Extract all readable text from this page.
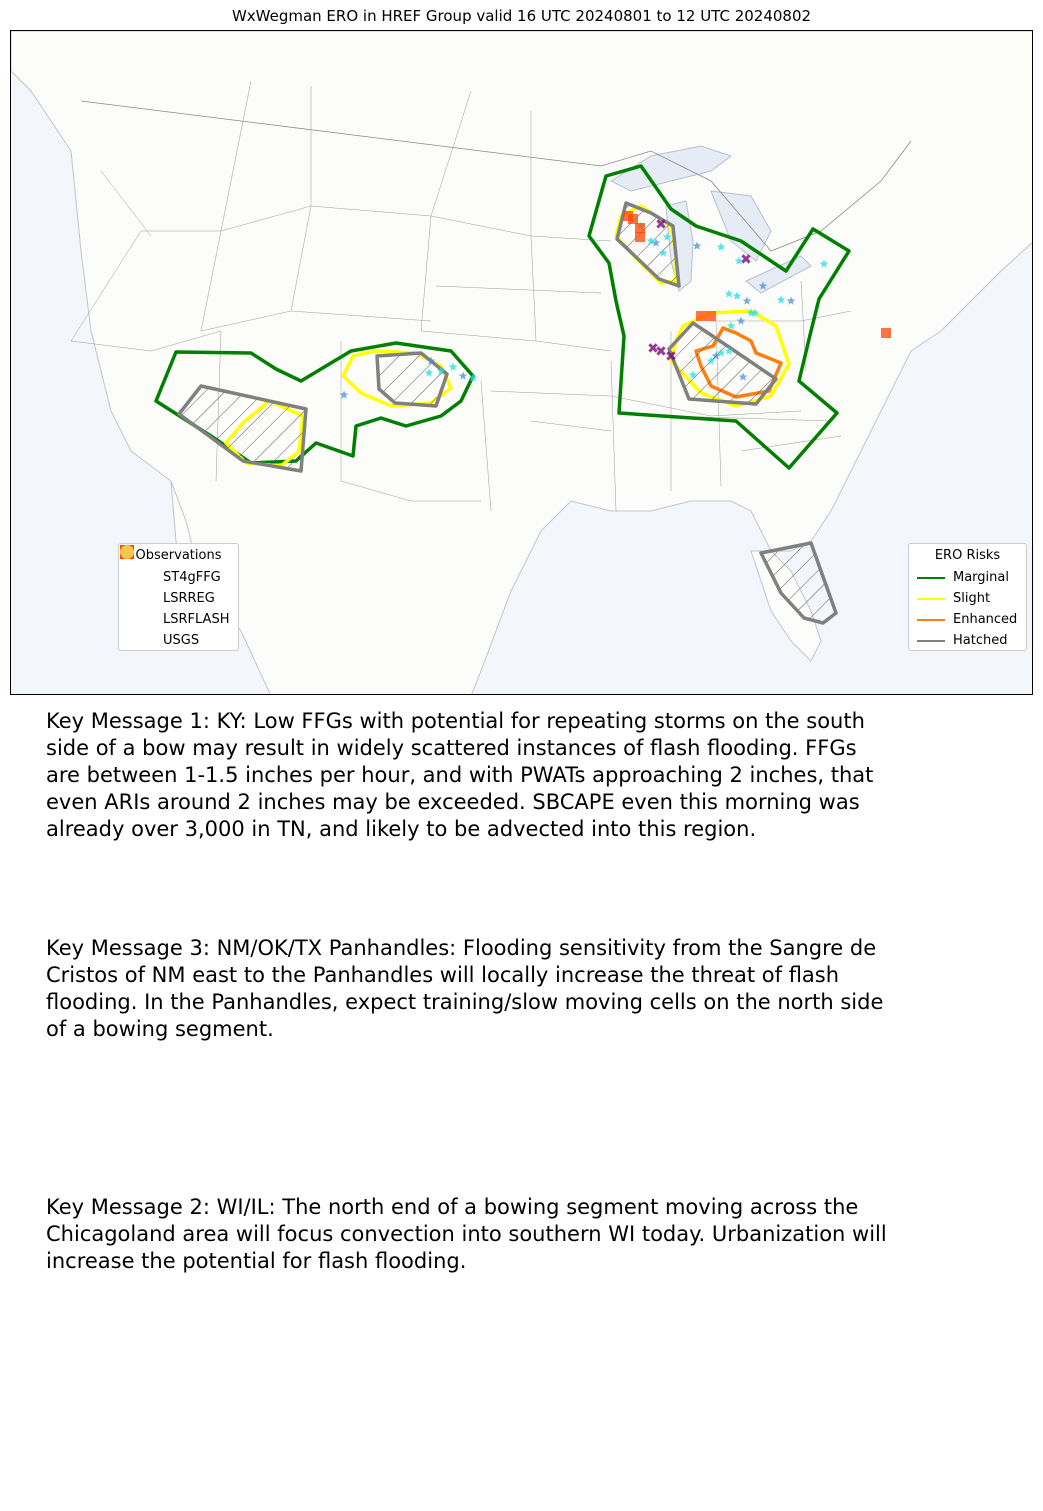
WxWegman ERO in HREF Group valid 16 UTC 20240801 to 12 UTC 20240802
✖
✖
✖
✖
✖
Observations
ST4gFFG
LSRREG
LSRFLASH
USGS
ERO Risks
Marginal
Slight
Enhanced
Hatched
Key Message 1: KY: Low FFGs with potential for repeating storms on the south
side of a bow may result in widely scattered instances of flash flooding. FFGs
are between 1-1.5 inches per hour, and with PWATs approaching 2 inches, that
even ARIs around 2 inches may be exceeded. SBCAPE even this morning was
already over 3,000 in TN, and likely to be advected into this region.
Key Message 3: NM/OK/TX Panhandles: Flooding sensitivity from the Sangre de
Cristos of NM east to the Panhandles will locally increase the threat of flash
flooding. In the Panhandles, expect training/slow moving cells on the north side
of a bowing segment.
Key Message 2: WI/IL: The north end of a bowing segment moving across the
Chicagoland area will focus convection into southern WI today. Urbanization will
increase the potential for flash flooding.
